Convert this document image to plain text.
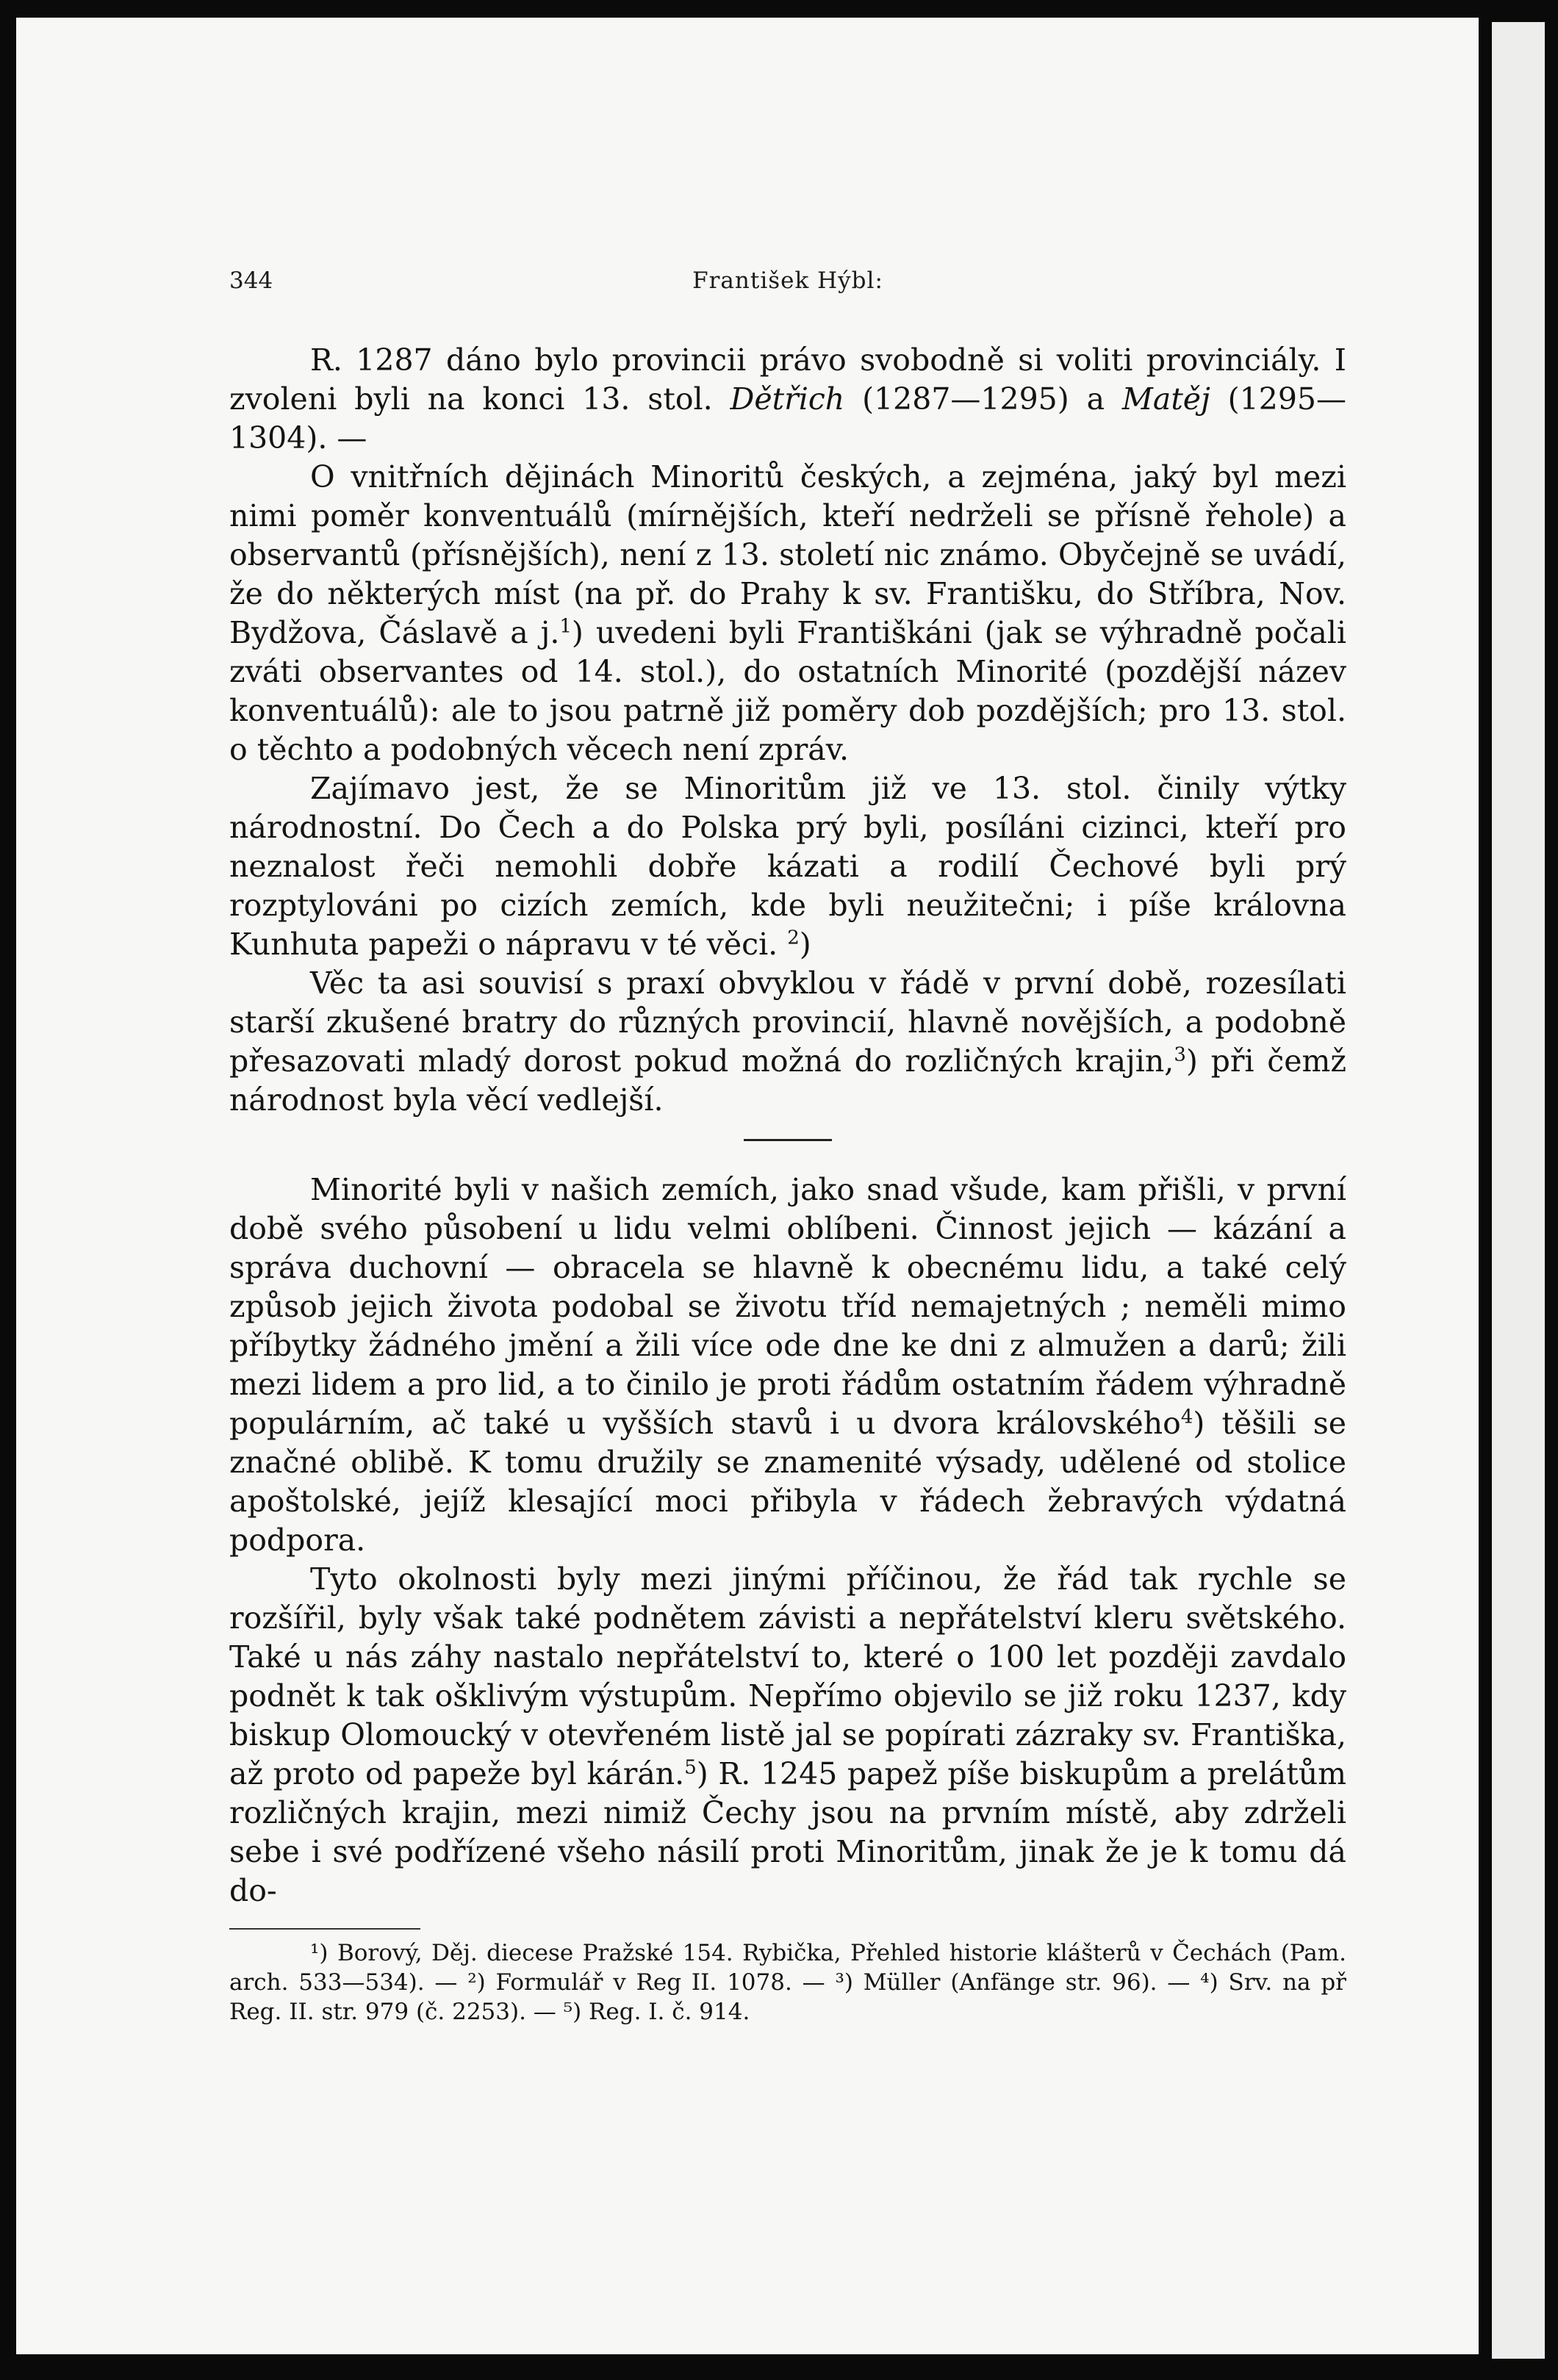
344	František Hýbl:

R. 1287 dáno bylo provincii právo svobodně si voliti provinciály. I zvoleni byli na konci 13. stol. Dětřich (1287—1295) a Matěj (1295—1304). —

O vnitřních dějinách Minoritů českých, a zejména, jaký byl mezi nimi poměr konventuálů (mírnějších, kteří nedrželi se přísně řehole) a observantů (přísnějších), není z 13. století nic známo. Obyčejně se uvádí, že do některých míst (na př. do Prahy k sv. Františku, do Stříbra, Nov. Bydžova, Čáslavě a j.$^1$) uvedeni byli Františkáni (jak se výhradně počali zváti observantes od 14. stol.), do ostatních Minorité (pozdější název konventuálů): ale to jsou patrně již poměry dob pozdějších; pro 13. stol. o těchto a podobných věcech není zpráv.

Zajímavo jest, že se Minoritům již ve 13. stol. činily výtky národnostní. Do Čech a do Polska prý byli, posíláni cizinci, kteří pro neznalost řeči nemohli dobře kázati a rodilí Čechové byli prý rozptylováni po cizích zemích, kde byli neužitečni; i píše královna Kunhuta papeži o nápravu v té věci. $^2$)

Věc ta asi souvisí s praxí obvyklou v řádě v první době, rozesílati starší zkušené bratry do různých provincií, hlavně novějších, a podobně přesazovati mladý dorost pokud možná do rozličných krajin,$^3$) při čemž národnost byla věcí vedlejší.

Minorité byli v našich zemích, jako snad všude, kam přišli, v první době svého působení u lidu velmi oblíbeni. Činnost jejich — kázání a správa duchovní — obracela se hlavně k obecnému lidu, a také celý způsob jejich života podobal se životu tříd nemajetných ; neměli mimo příbytky žádného jmění a žili více ode dne ke dni z almužen a darů; žili mezi lidem a pro lid, a to činilo je proti řádům ostatním řádem výhradně populárním, ač také u vyšších stavů i u dvora královského$^4$) těšili se značné oblibě. K tomu družily se znamenité výsady, udělené od stolice apoštolské, jejíž klesající moci přibyla v řádech žebravých výdatná podpora.

Tyto okolnosti byly mezi jinými příčinou, že řád tak rychle se rozšířil, byly však také podnětem závisti a nepřátelství kleru světského. Také u nás záhy nastalo nepřátelství to, které o 100 let později zavdalo podnět k tak ošklivým výstupům. Nepřímo objevilo se již roku 1237, kdy biskup Olomoucký v otevřeném listě jal se popírati zázraky sv. Františka, až proto od papeže byl kárán.$^5$) R. 1245 papež píše biskupům a prelátům rozličných krajin, mezi nimiž Čechy jsou na prvním místě, aby zdrželi sebe i své podřízené všeho násilí proti Minoritům, jinak že je k tomu dá do-

¹) Borový, Děj. diecese Pražské 154. Rybička, Přehled historie klášterů v Čechách (Pam. arch. 533—534). — ²) Formulář v Reg II. 1078. — ³) Müller (Anfänge str. 96). — ⁴) Srv. na př Reg. II. str. 979 (č. 2253). — ⁵) Reg. I. č. 914.
